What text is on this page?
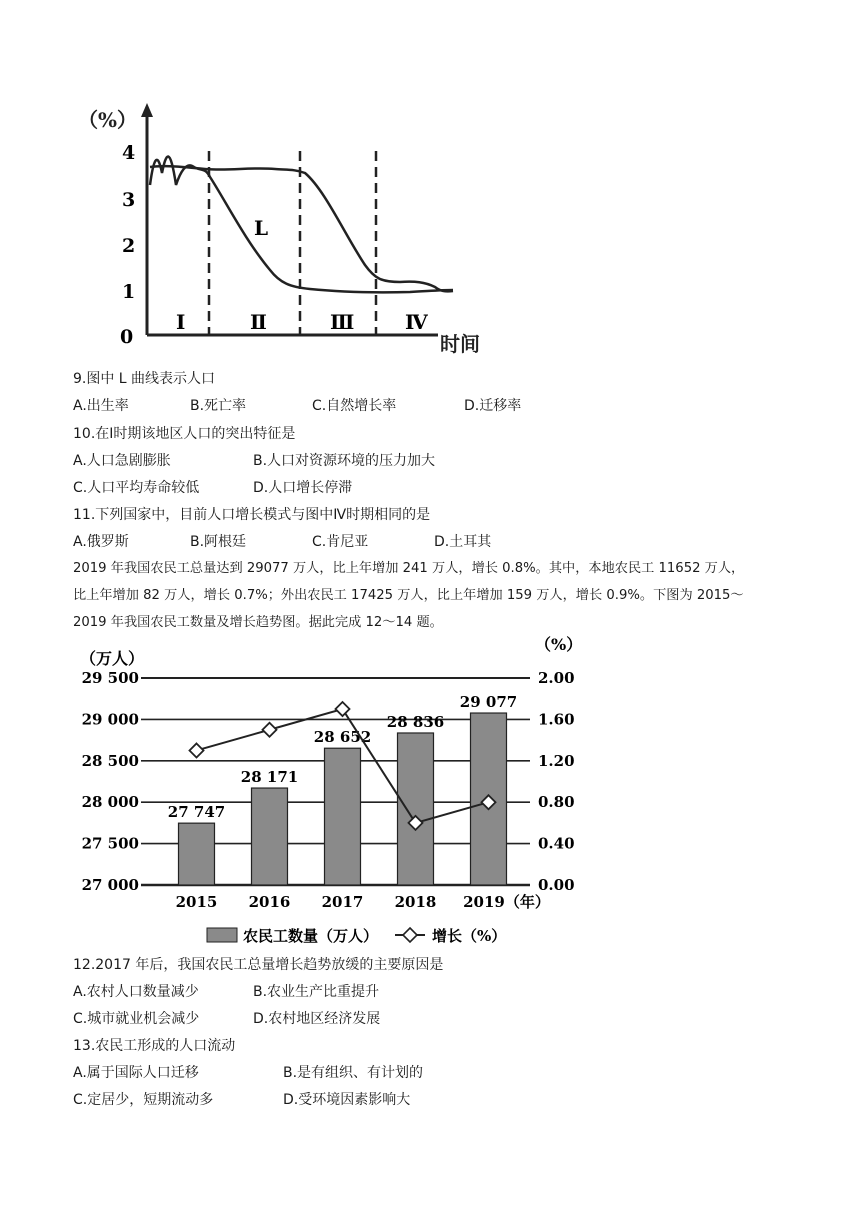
（%）
时间
0
1
2
3
4
L
Ⅰ	Ⅱ	Ⅲ	Ⅳ
9.图中 L 曲线表示人口
A.出生率	B.死亡率	C.自然增长率	D.迁移率
10.在Ⅰ时期该地区人口的突出特征是
A.人口急剧膨胀	B.人口对资源环境的压力加大
C.人口平均寿命较低	D.人口增长停滞
11.下列国家中，目前人口增长模式与图中Ⅳ时期相同的是
A.俄罗斯	B.阿根廷	C.肯尼亚	D.土耳其
2019 年我国农民工总量达到 29077 万人，比上年增加 241 万人，增长 0.8%。其中，本地农民工 11652 万人，
比上年增加 82 万人，增长 0.7%；外出农民工 17425 万人，比上年增加 159 万人，增长 0.9%。下图为 2015～
2019 年我国农民工数量及增长趋势图。据此完成 12～14 题。
（万人）
（%）
27 747
28 171
28 652
28 836
29 077
27 000	0.00
27 500	0.40
28 000	0.80
28 500	1.20
29 000	1.60
29 500	2.00
2015 2016 2017 2018 2019（年）
农民工数量（万人）	增长（%）
12.2017 年后，我国农民工总量增长趋势放缓的主要原因是
A.农村人口数量减少	B.农业生产比重提升
C.城市就业机会减少	D.农村地区经济发展
13.农民工形成的人口流动
A.属于国际人口迁移	B.是有组织、有计划的
C.定居少，短期流动多	D.受环境因素影响大
